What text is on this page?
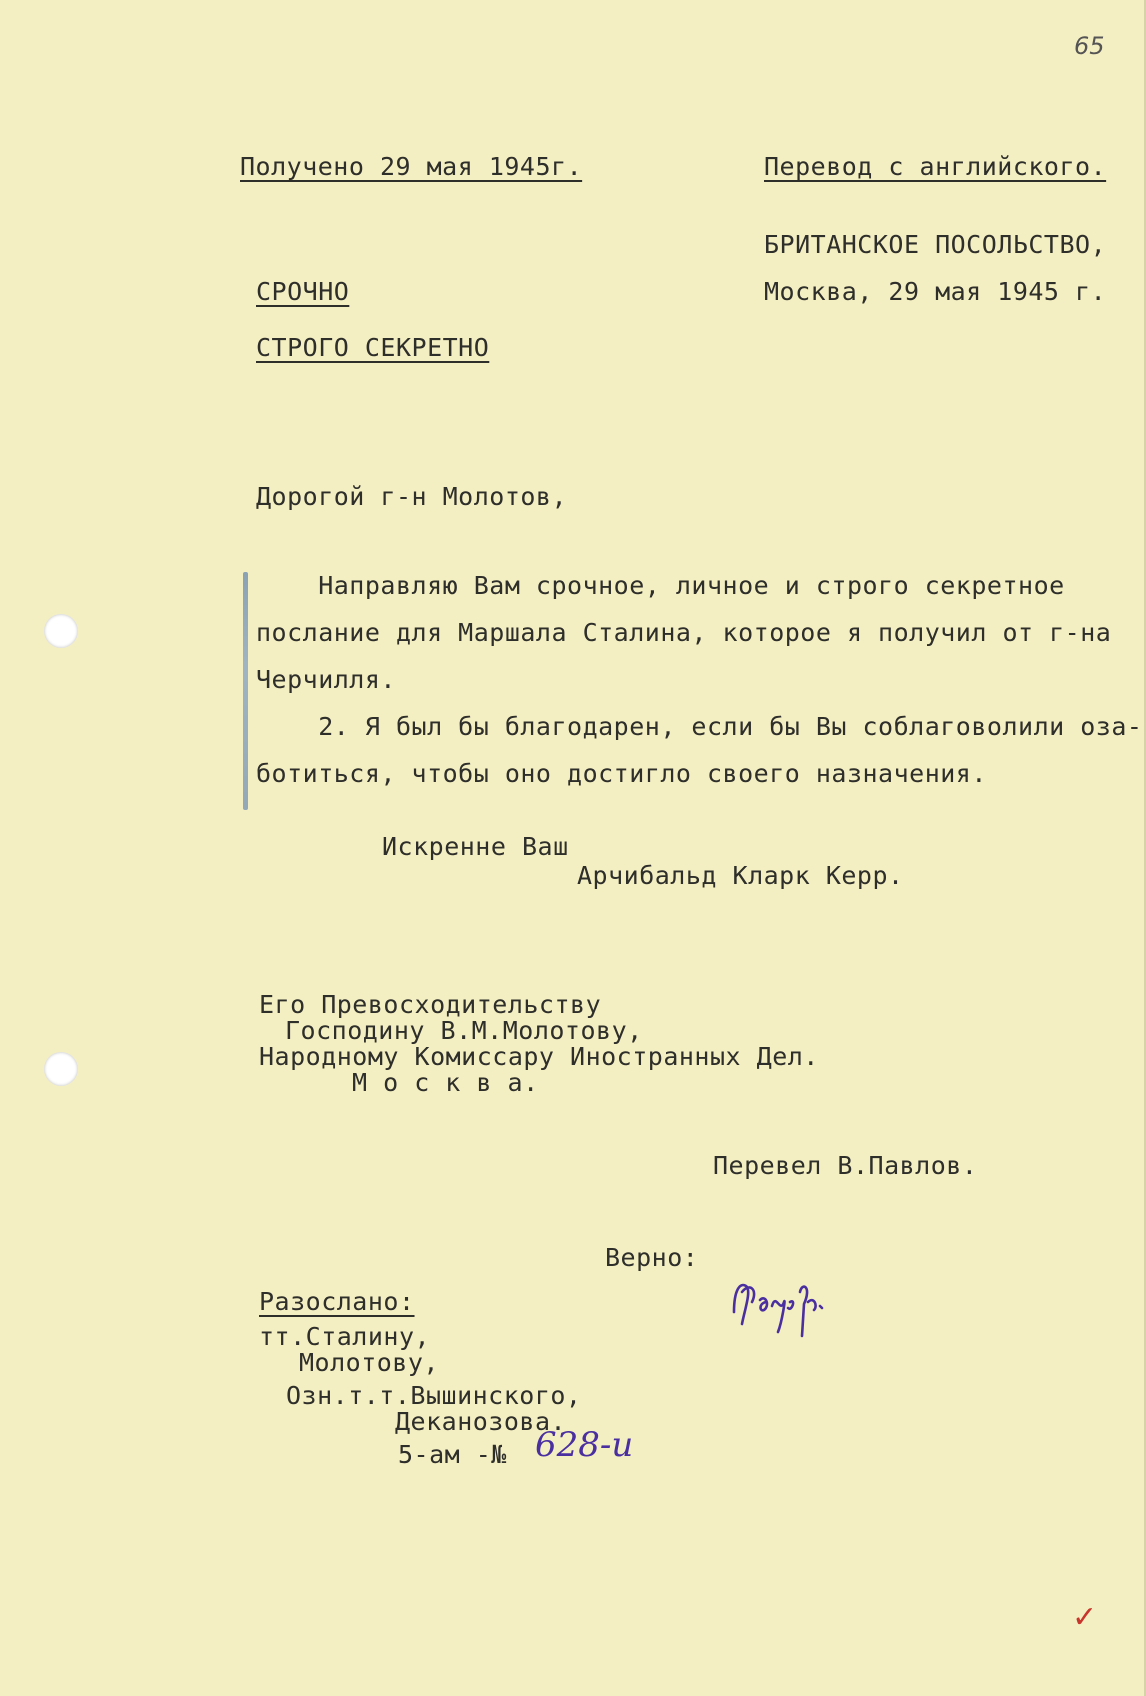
65
Получено 29 мая 1945г.	Перевод с английского.
БРИТАНСКОЕ ПОСОЛЬСТВО,
Москва, 29 мая 1945 г.
СРОЧНО
СТРОГО СЕКРЕТНО
Дорогой г-н Молотов,
Направляю Вам срочное, личное и строго секретное
послание для Маршала Сталина, которое я получил от г-на
Черчилля.
2. Я был бы благодарен, если бы Вы соблаговолили оза-
ботиться, чтобы оно достигло своего назначения.
Искренне Ваш
Арчибальд Кларк Керр.
Его Превосходительству
Господину В.М.Молотову,
Народному Комиссару Иностранных Дел.
М о с к в а.
Перевел В.Павлов.
Верно:

Разослано:
тт.Сталину,
Молотову,
Озн.т.т.Вышинского,
Деканозова.
5-ам -№ 628-и
✓
